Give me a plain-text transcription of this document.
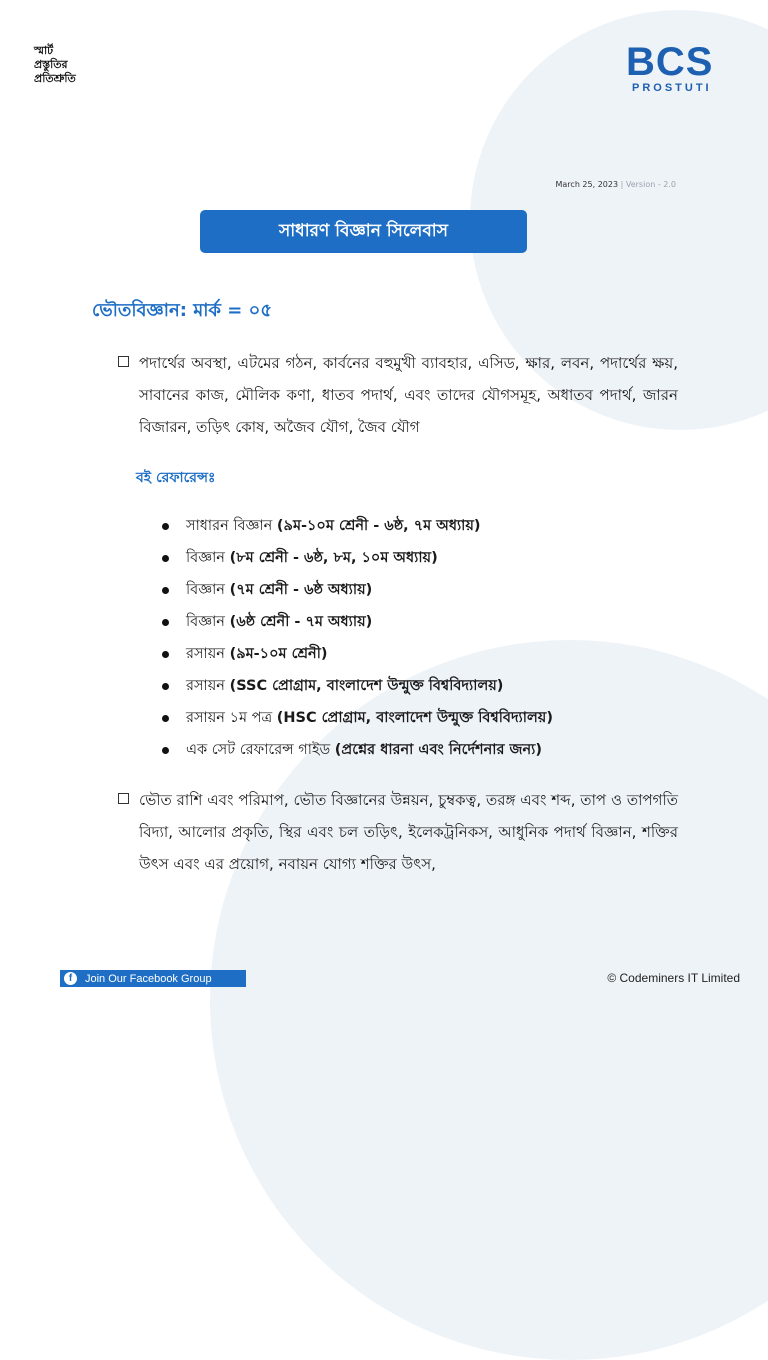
স্মার্ট
প্রস্তুতির
প্রতিশ্রুতি	BCS
PROSTUTI
March 25, 2023 | Version - 2.0
সাধারণ বিজ্ঞান সিলেবাস
ভৌতবিজ্ঞান: মার্ক = ০৫
পদার্থের অবস্থা, এটমের গঠন, কার্বনের বহুমুখী ব্যাবহার, এসিড, ক্ষার, লবন, পদার্থের ক্ষয়, সাবানের কাজ, মৌলিক কণা, ধাতব পদার্থ, এবং তাদের যৌগসমূহ, অধাতব পদার্থ, জারন বিজারন, তড়িৎ কোষ, অজৈব যৌগ, জৈব যৌগ
বই রেফারেন্সঃ
সাধারন বিজ্ঞান (৯ম-১০ম শ্রেনী - ৬ষ্ঠ, ৭ম অধ্যায়)
বিজ্ঞান (৮ম শ্রেনী - ৬ষ্ঠ, ৮ম, ১০ম অধ্যায়)
বিজ্ঞান (৭ম শ্রেনী - ৬ষ্ঠ অধ্যায়)
বিজ্ঞান (৬ষ্ঠ শ্রেনী - ৭ম অধ্যায়)
রসায়ন (৯ম-১০ম শ্রেনী)
রসায়ন (SSC প্রোগ্রাম, বাংলাদেশ উন্মুক্ত বিশ্ববিদ্যালয়)
রসায়ন ১ম পত্র (HSC প্রোগ্রাম, বাংলাদেশ উন্মুক্ত বিশ্ববিদ্যালয়)
এক সেট রেফারেন্স গাইড (প্রশ্নের ধারনা এবং নির্দেশনার জন্য)
ভৌত রাশি এবং পরিমাপ, ভৌত বিজ্ঞানের উন্নয়ন, চুম্বকত্ব, তরঙ্গ এবং শব্দ, তাপ ও তাপগতি বিদ্যা, আলোর প্রকৃতি, স্থির এবং চল তড়িৎ, ইলেকট্রনিকস, আধুনিক পদার্থ বিজ্ঞান, শক্তির উৎস এবং এর প্রয়োগ, নবায়ন যোগ্য শক্তির উৎস,
f	Join Our Facebook Group	© Codeminers IT Limited
